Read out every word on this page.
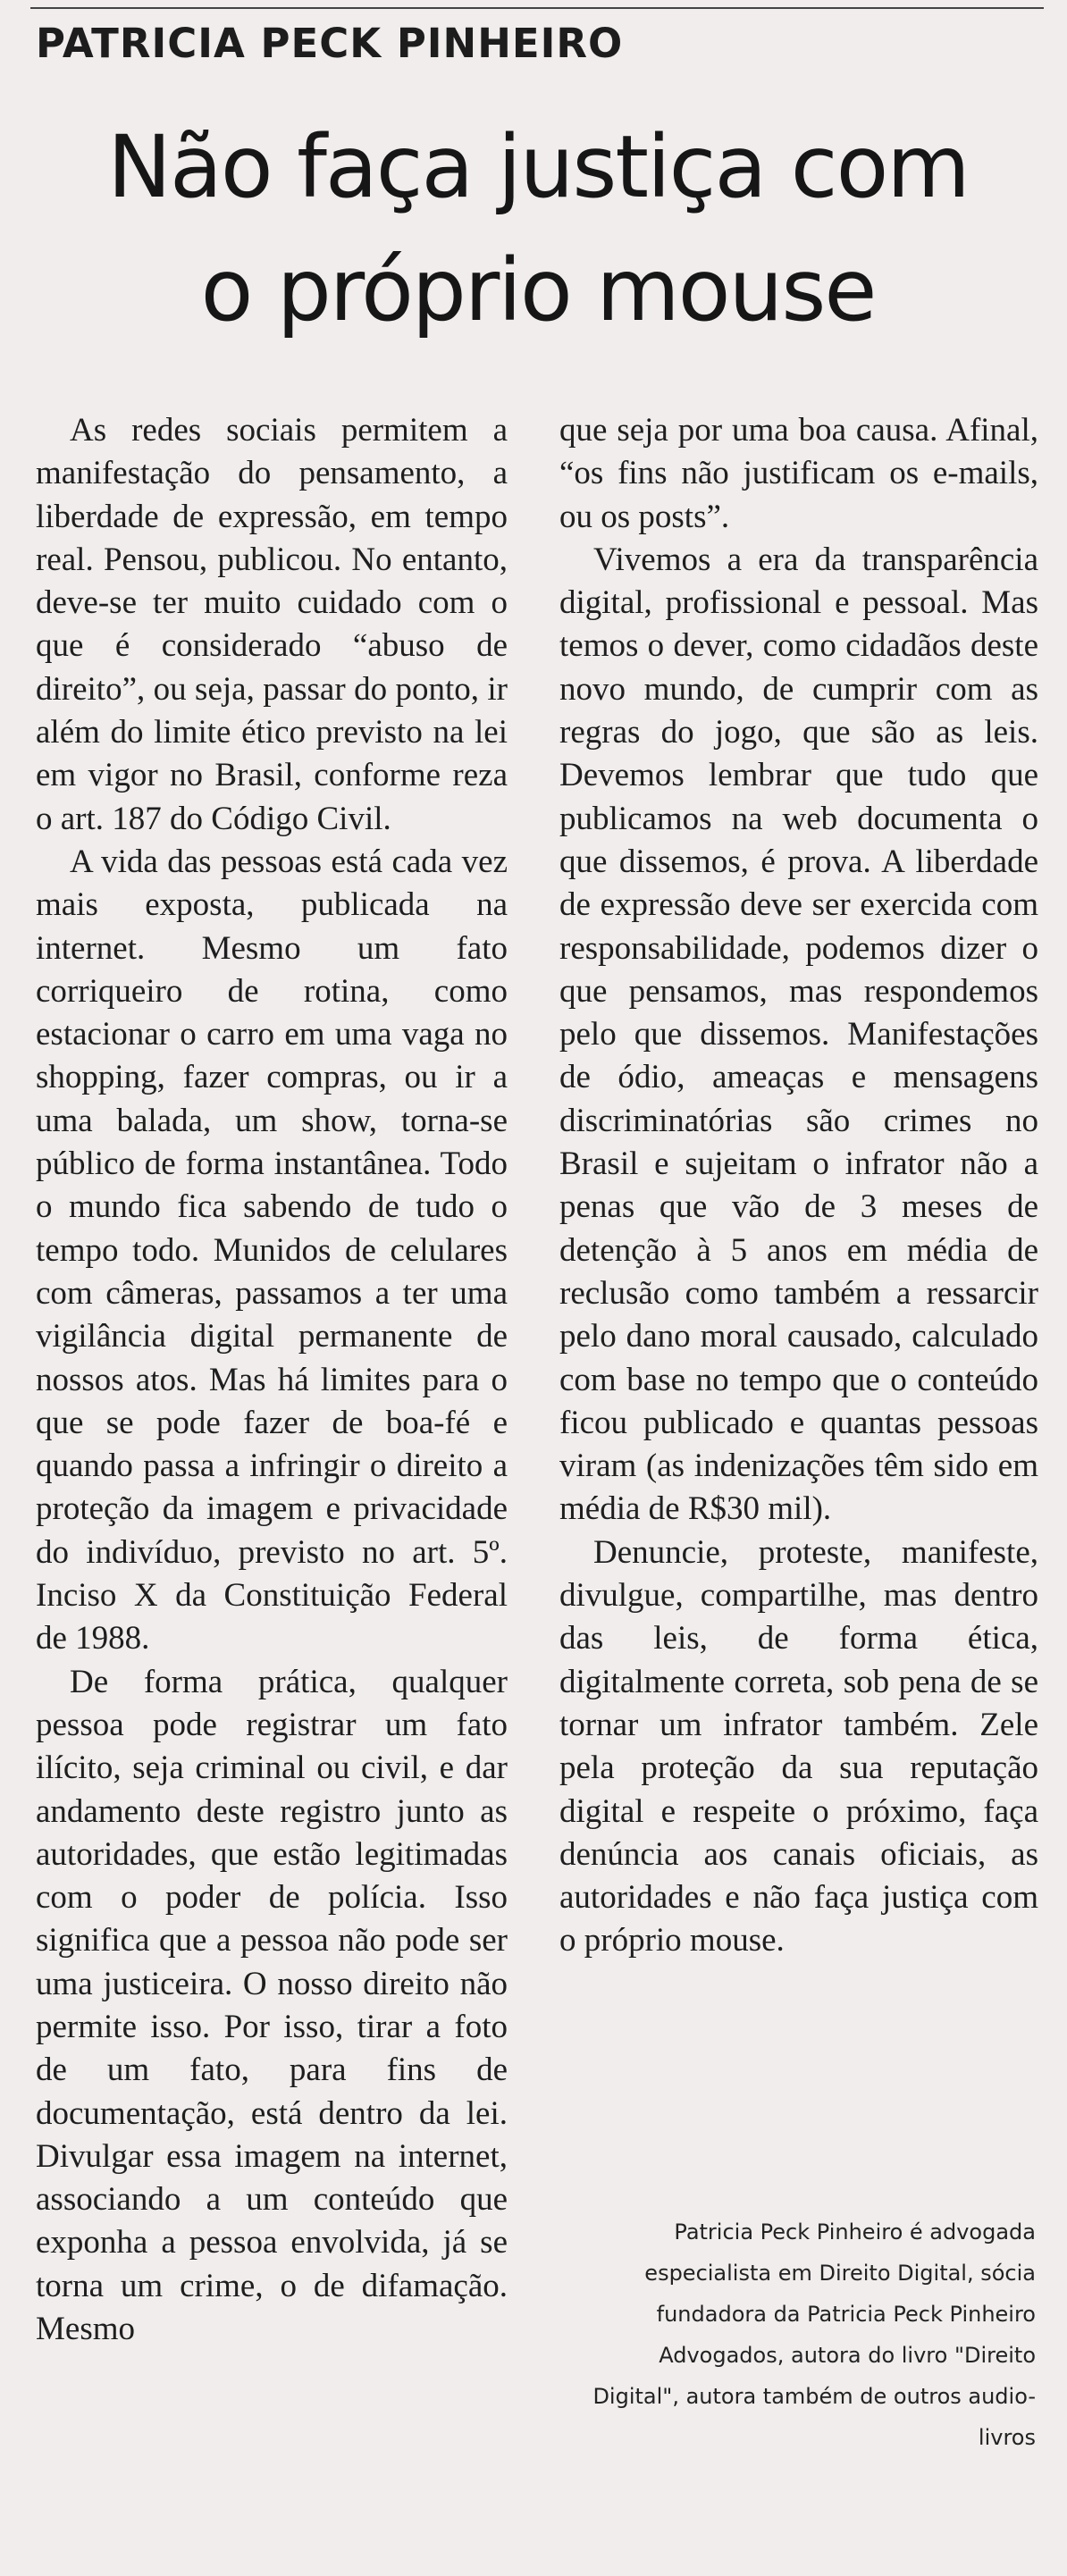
PATRICIA PECK PINHEIRO
Não faça justiça com
o próprio mouse

As redes sociais permitem a manifestação do pensamento, a liberdade de expressão, em tempo real. Pensou, publicou. No entanto, deve-se ter muito cuidado com o que é considerado “abuso de direito”, ou seja, passar do ponto, ir além do limite ético previsto na lei em vigor no Brasil, conforme reza o art. 187 do Código Civil.

A vida das pessoas está cada vez mais exposta, publicada na internet. Mesmo um fato corriqueiro de rotina, como estacionar o carro em uma vaga no shopping, fazer compras, ou ir a uma balada, um show, torna-se público de forma instantânea. Todo o mundo fica sabendo de tudo o tempo todo. Munidos de celulares com câmeras, passamos a ter uma vigilância digital permanente de nossos atos. Mas há limites para o que se pode fazer de boa-fé e quando passa a infringir o direito a proteção da imagem e privacidade do indivíduo, previsto no art. 5º. Inciso X da Constituição Federal de 1988.

De forma prática, qualquer pessoa pode registrar um fato ilícito, seja criminal ou civil, e dar andamento deste registro junto as autoridades, que estão legitimadas com o poder de polícia. Isso significa que a pessoa não pode ser uma justiceira. O nosso direito não permite isso. Por isso, tirar a foto de um fato, para fins de documentação, está dentro da lei. Divulgar essa imagem na internet, associando a um conteúdo que exponha a pessoa envolvida, já se torna um crime, o de difamação. Mesmo

que seja por uma boa causa. Afinal, “os fins não justificam os e-mails, ou os posts”.

Vivemos a era da transparência digital, profissional e pessoal. Mas temos o dever, como cidadãos deste novo mundo, de cumprir com as regras do jogo, que são as leis. Devemos lembrar que tudo que publicamos na web documenta o que dissemos, é prova. A liberdade de expressão deve ser exercida com responsabilidade, podemos dizer o que pensamos, mas respondemos pelo que dissemos. Manifestações de ódio, ameaças e mensagens discriminatórias são crimes no Brasil e sujeitam o infrator não a penas que vão de 3 meses de detenção à 5 anos em média de reclusão como também a ressarcir pelo dano moral causado, calculado com base no tempo que o conteúdo ficou publicado e quantas pessoas viram (as indenizações têm sido em média de R$30 mil).

Denuncie, proteste, manifeste, divulgue, compartilhe, mas dentro das leis, de forma ética, digitalmente correta, sob pena de se tornar um infrator também. Zele pela proteção da sua reputação digital e respeite o próximo, faça denúncia aos canais oficiais, as autoridades e não faça justiça com o próprio mouse.

Patricia Peck Pinheiro é advogada especialista em Direito Digital, sócia fundadora da Patricia Peck Pinheiro Advogados, autora do livro "Direito Digital", autora também de outros audio-livros
